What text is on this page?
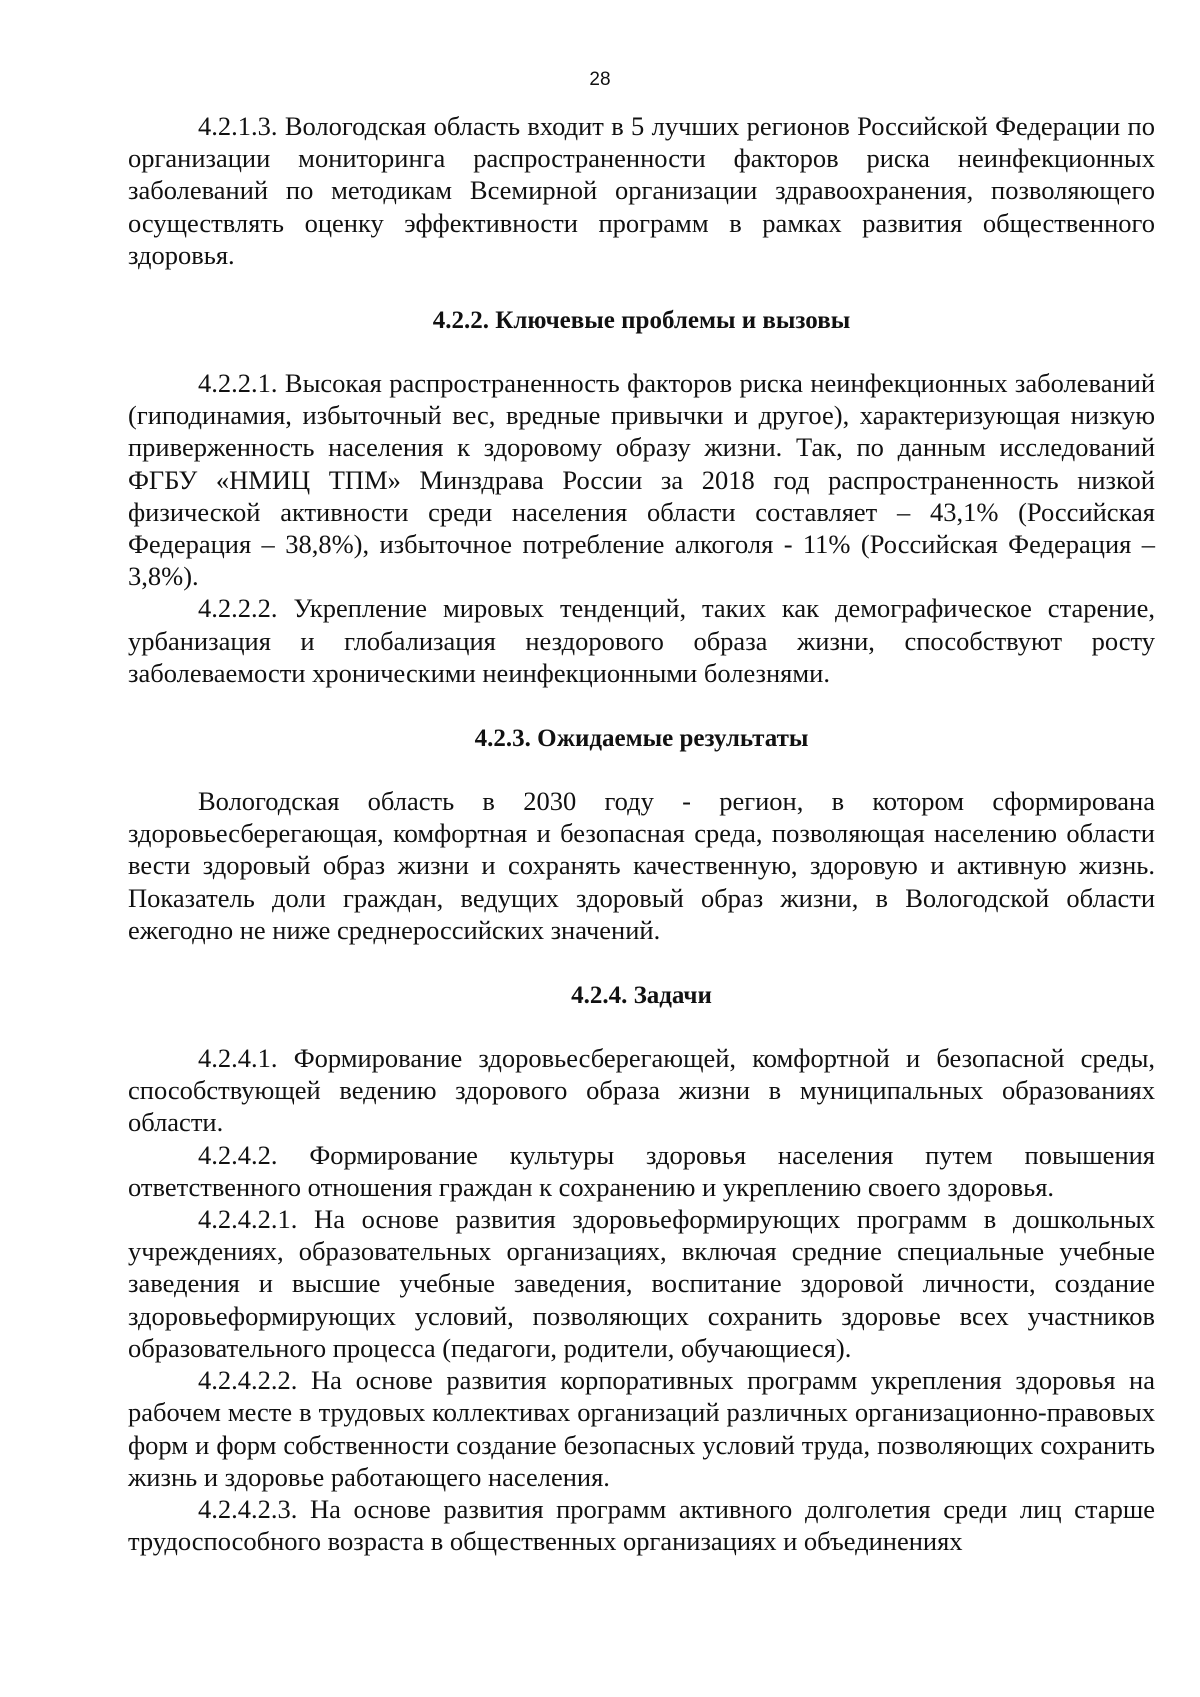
28

4.2.1.3. Вологодская область входит в 5 лучших регионов Российской Федерации по организации мониторинга распространенности факторов риска неинфекционных заболеваний по методикам Всемирной организации здравоохранения, позволяющего осуществлять оценку эффективности программ в рамках развития общественного здоровья.

4.2.2. Ключевые проблемы и вызовы

4.2.2.1. Высокая распространенность факторов риска неинфекционных заболеваний (гиподинамия, избыточный вес, вредные привычки и другое), характеризующая низкую приверженность населения к здоровому образу жизни. Так, по данным исследований ФГБУ «НМИЦ ТПМ» Минздрава России за 2018 год распространенность низкой физической активности среди населения области составляет – 43,1% (Российская Федерация – 38,8%), избыточное потребление алкоголя - 11% (Российская Федерация – 3,8%).

4.2.2.2. Укрепление мировых тенденций, таких как демографическое старение, урбанизация и глобализация нездорового образа жизни, способствуют росту заболеваемости хроническими неинфекционными болезнями.

4.2.3. Ожидаемые результаты

Вологодская область в 2030 году - регион, в котором сформирована здоровьесберегающая, комфортная и безопасная среда, позволяющая населению области вести здоровый образ жизни и сохранять качественную, здоровую и активную жизнь. Показатель доли граждан, ведущих здоровый образ жизни, в Вологодской области ежегодно не ниже среднероссийских значений.

4.2.4. Задачи

4.2.4.1. Формирование здоровьесберегающей, комфортной и безопасной среды, способствующей ведению здорового образа жизни в муниципальных образованиях области.

4.2.4.2. Формирование культуры здоровья населения путем повышения ответственного отношения граждан к сохранению и укреплению своего здоровья.

4.2.4.2.1. На основе развития здоровьеформирующих программ в дошкольных учреждениях, образовательных организациях, включая средние специальные учебные заведения и высшие учебные заведения, воспитание здоровой личности, создание здоровьеформирующих условий, позволяющих сохранить здоровье всех участников образовательного процесса (педагоги, родители, обучающиеся).

4.2.4.2.2. На основе развития корпоративных программ укрепления здоровья на рабочем месте в трудовых коллективах организаций различных организационно-правовых форм и форм собственности создание безопасных условий труда, позволяющих сохранить жизнь и здоровье работающего населения.

4.2.4.2.3. На основе развития программ активного долголетия среди лиц старше трудоспособного возраста в общественных организациях и объединениях
